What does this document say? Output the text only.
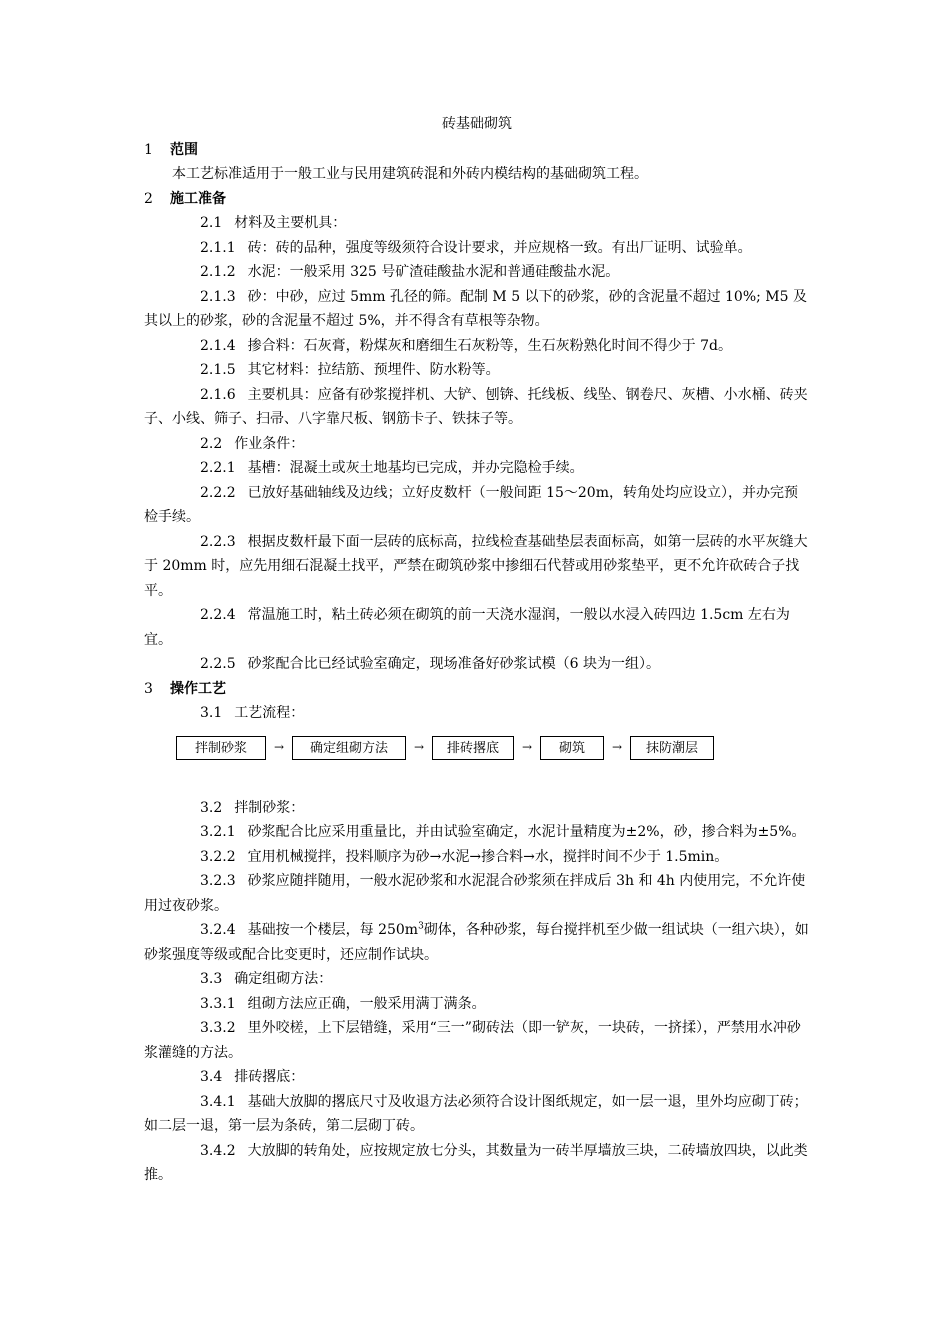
砖基础砌筑

1 范围

本工艺标准适用于一般工业与民用建筑砖混和外砖内模结构的基础砌筑工程。

2 施工准备

2.1 材料及主要机具：

2.1.1 砖：砖的品种，强度等级须符合设计要求，并应规格一致。有出厂证明、试验单。

2.1.2 水泥：一般采用 325 号矿渣硅酸盐水泥和普通硅酸盐水泥。

2.1.3 砂：中砂，应过 5mm 孔径的筛。配制 M 5 以下的砂浆，砂的含泥量不超过 10%; M5 及其以上的砂浆，砂的含泥量不超过 5%，并不得含有草根等杂物。

2.1.4 掺合料：石灰膏，粉煤灰和磨细生石灰粉等，生石灰粉熟化时间不得少于 7d。

2.1.5 其它材料：拉结筋、预埋件、防水粉等。

2.1.6 主要机具：应备有砂浆搅拌机、大铲、刨锛、托线板、线坠、钢卷尺、灰槽、小水桶、砖夹子、小线、筛子、扫帚、八字靠尺板、钢筋卡子、铁抹子等。

2.2 作业条件：

2.2.1 基槽：混凝土或灰土地基均已完成，并办完隐检手续。

2.2.2 已放好基础轴线及边线；立好皮数杆（一般间距 15～20m，转角处均应设立），并办完预检手续。

2.2.3 根据皮数杆最下面一层砖的底标高，拉线检查基础垫层表面标高，如第一层砖的水平灰缝大于 20mm 时，应先用细石混凝土找平，严禁在砌筑砂浆中掺细石代替或用砂浆垫平，更不允许砍砖合子找平。

2.2.4 常温施工时，粘土砖必须在砌筑的前一天浇水湿润，一般以水浸入砖四边 1.5cm 左右为宜。

2.2.5 砂浆配合比已经试验室确定，现场准备好砂浆试模（6 块为一组）。

3 操作工艺

3.1 工艺流程：

拌制砂浆	→	确定组砌方法	→	排砖撂底	→	砌筑	→	抹防潮层

3.2 拌制砂浆：

3.2.1 砂浆配合比应采用重量比，并由试验室确定，水泥计量精度为±2%，砂，掺合料为±5%。

3.2.2 宜用机械搅拌，投料顺序为砂→水泥→掺合料→水，搅拌时间不少于 1.5min。

3.2.3 砂浆应随拌随用，一般水泥砂浆和水泥混合砂浆须在拌成后 3h 和 4h 内使用完，不允许使用过夜砂浆。

3.2.4 基础按一个楼层，每 $250m^3$砌体，各种砂浆，每台搅拌机至少做一组试块（一组六块），如砂浆强度等级或配合比变更时，还应制作试块。

3.3 确定组砌方法：

3.3.1 组砌方法应正确，一般采用满丁满条。

3.3.2 里外咬槎，上下层错缝，采用“三一”砌砖法（即一铲灰，一块砖，一挤揉），严禁用水冲砂浆灌缝的方法。

3.4 排砖撂底：

3.4.1 基础大放脚的撂底尺寸及收退方法必须符合设计图纸规定，如一层一退，里外均应砌丁砖；如二层一退，第一层为条砖，第二层砌丁砖。

3.4.2 大放脚的转角处，应按规定放七分头，其数量为一砖半厚墙放三块，二砖墙放四块，以此类推。
